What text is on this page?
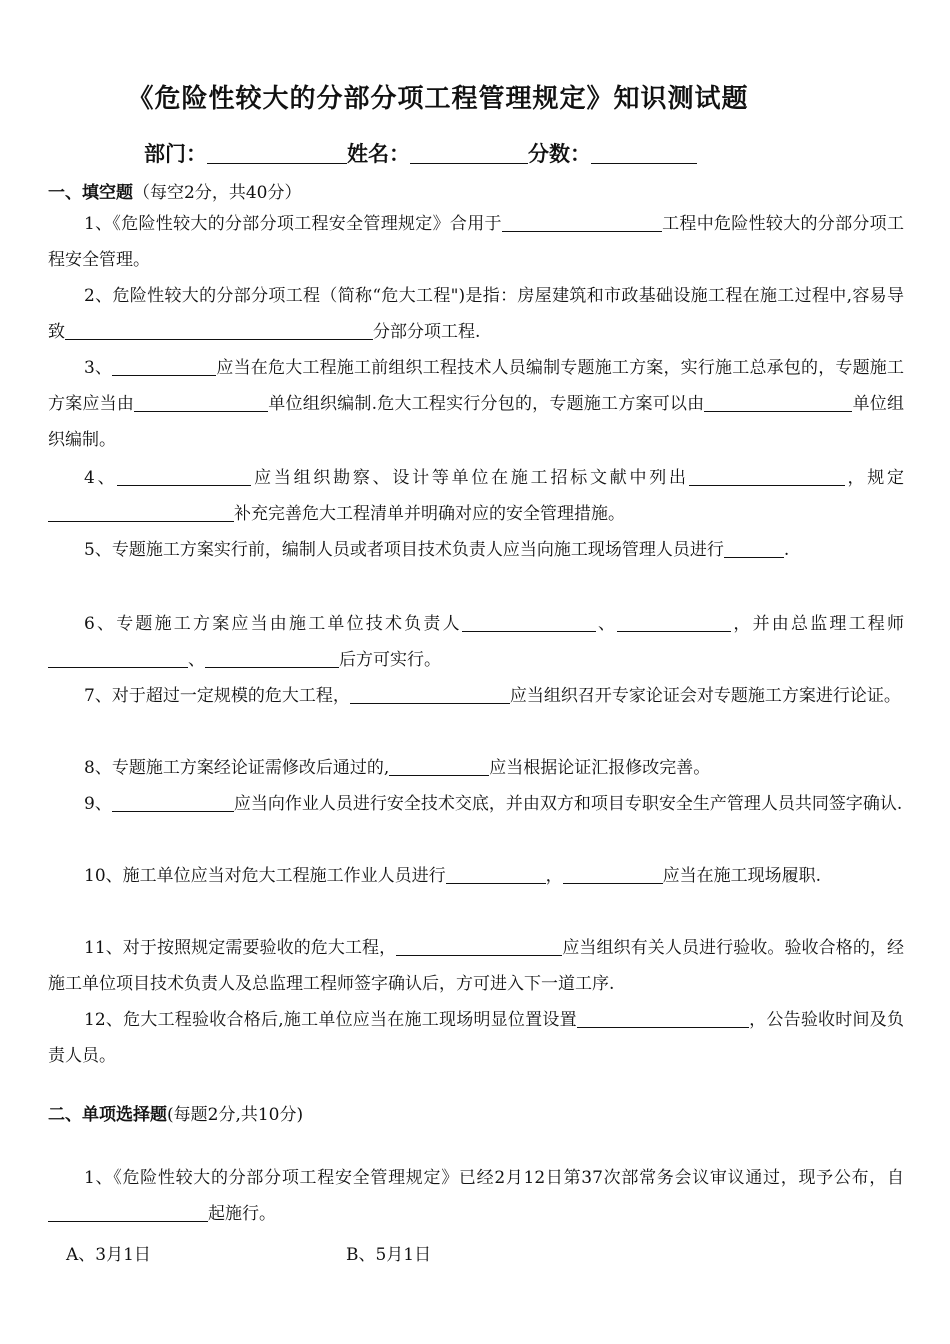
《危险性较大的分部分项工程管理规定》知识测试题
部门：	姓名：	分数：
一、填空题（每空2分，共40分）

1、《危险性较大的分部分项工程安全管理规定》合用于	工程中危险性较大的分部分项工程安全管理。

2、危险性较大的分部分项工程（简称“危大工程")是指：房屋建筑和市政基础设施工程在施工过程中,容易导致	分部分项工程.

3、	应当在危大工程施工前组织工程技术人员编制专题施工方案，实行施工总承包的，专题施工方案应当由	单位组织编制.危大工程实行分包的，专题施工方案可以由	单位组织编制。

4、	应当组织勘察、设计等单位在施工招标文献中列出	，规定补充完善危大工程清单并明确对应的安全管理措施。

5、专题施工方案实行前，编制人员或者项目技术负责人应当向施工现场管理人员进行	.

6、专题施工方案应当由施工单位技术负责人	、	，并由总监理工程师、	后方可实行。

7、对于超过一定规模的危大工程，	应当组织召开专家论证会对专题施工方案进行论证。

8、专题施工方案经论证需修改后通过的,	应当根据论证汇报修改完善。

9、	应当向作业人员进行安全技术交底，并由双方和项目专职安全生产管理人员共同签字确认.

10、施工单位应当对危大工程施工作业人员进行	，	应当在施工现场履职.

11、对于按照规定需要验收的危大工程，	应当组织有关人员进行验收。验收合格的，经施工单位项目技术负责人及总监理工程师签字确认后，方可进入下一道工序.

12、危大工程验收合格后,施工单位应当在施工现场明显位置设置	，公告验收时间及负责人员。

二、单项选择题(每题2分,共10分)

1、《危险性较大的分部分项工程安全管理规定》已经2月12日第37次部常务会议审议通过，现予公布，自起施行。

A、3月1日	B、5月1日
